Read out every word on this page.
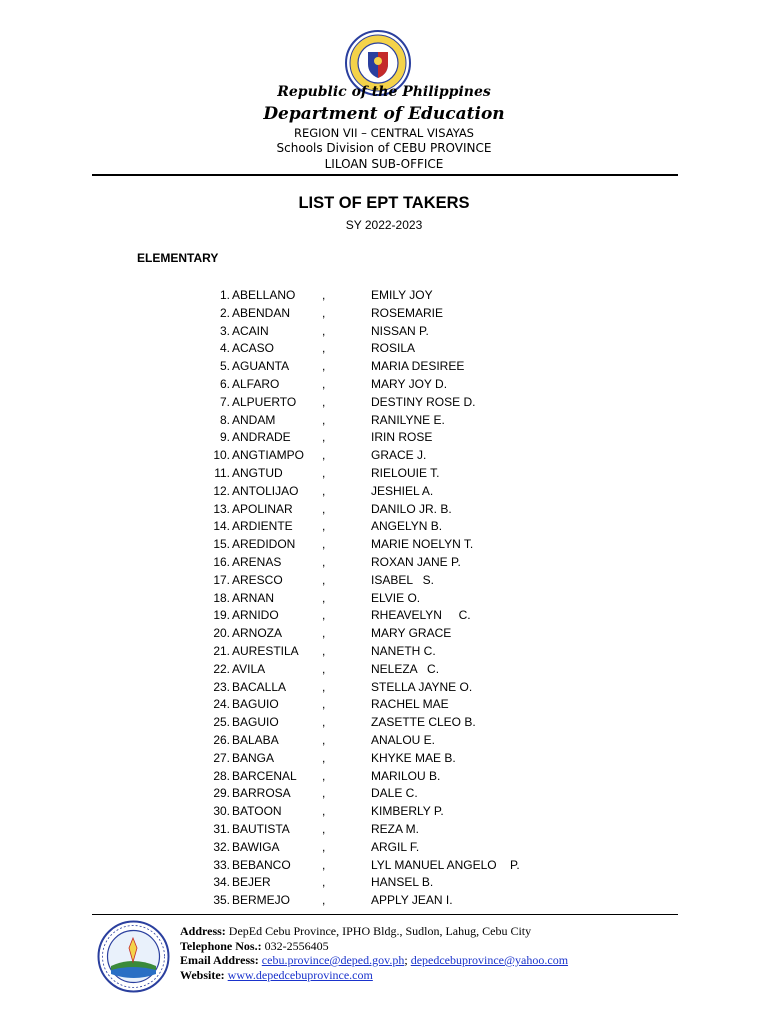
Republic of the Philippines
Department of Education
REGION VII – CENTRAL VISAYAS
Schools Division of CEBU PROVINCE
LILOAN SUB-OFFICE
LIST OF EPT TAKERS
SY 2022-2023
ELEMENTARY
1. ABELLANO ,	EMILY JOY
2. ABENDAN	,	ROSEMARIE
3. ACAIN	,	NISSAN P.
4. ACASO	,	ROSILA
5. AGUANTA	,	MARIA DESIREE
6. ALFARO	,	MARY JOY D.
7. ALPUERTO ,	DESTINY ROSE D.
8. ANDAM	,	RANILYNE E.
9. ANDRADE	,	IRIN ROSE
10. ANGTIAMPO ,	GRACE J.
11. ANGTUD	,	RIELOUIE T.
12. ANTOLIJAO ,	JESHIEL A.
13. APOLINAR ,	DANILO JR. B.
14. ARDIENTE ,	ANGELYN B.
15. AREDIDON ,	MARIE NOELYN T.
16. ARENAS	,	ROXAN JANE P.
17. ARESCO	,	ISABEL   S.
18. ARNAN	,	ELVIE O.
19. ARNIDO	,	RHEAVELYN     C.
20. ARNOZA	,	MARY GRACE
21. AURESTILA ,	NANETH C.
22. AVILA	,	NELEZA   C.
23. BACALLA	,	STELLA JAYNE O.
24. BAGUIO	,	RACHEL MAE
25. BAGUIO	,	ZASETTE CLEO B.
26. BALABA	,	ANALOU E.
27. BANGA	,	KHYKE MAE B.
28. BARCENAL ,	MARILOU B.
29. BARROSA	,	DALE C.
30. BATOON	,	KIMBERLY P.
31. BAUTISTA	,	REZA M.
32. BAWIGA	,	ARGIL F.
33. BEBANCO	,	LYL MANUEL ANGELO    P.
34. BEJER	,	HANSEL B.
35. BERMEJO	,	APPLY JEAN I.
Address: DepEd Cebu Province, IPHO Bldg., Sudlon, Lahug, Cebu City
Telephone Nos.: 032-2556405
Email Address: cebu.province@deped.gov.ph; depedcebuprovince@yahoo.com
Website: www.depedcebuprovince.com
